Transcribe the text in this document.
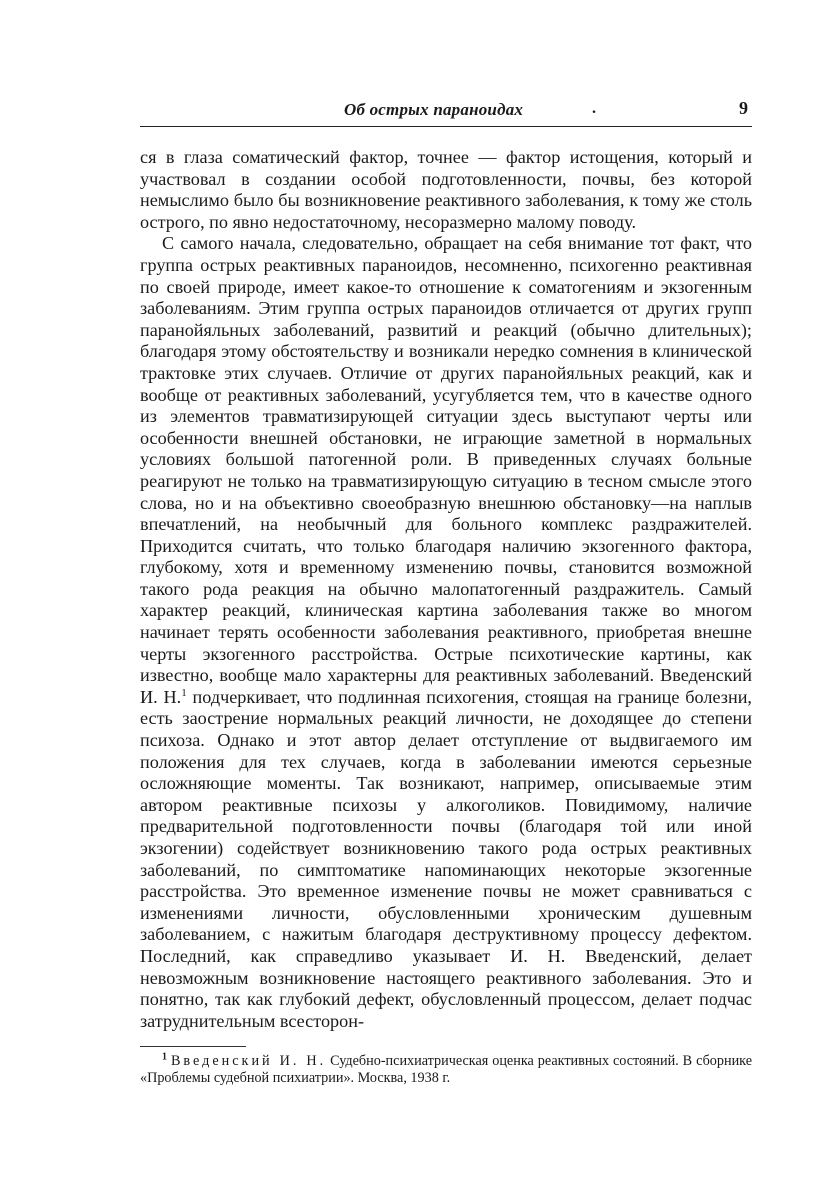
Об острых параноидах	.	9

ся в глаза соматический фактор, точнее — фактор истощения, который и участвовал в создании особой подготовленности, почвы, без которой немыслимо было бы возникновение реактивного заболевания, к тому же столь острого, по явно недостаточному, несоразмерно малому поводу.

С самого начала, следовательно, обращает на себя внимание тот факт, что группа острых реактивных параноидов, несомненно, психогенно реактивная по своей природе, имеет какое-то отношение к соматогениям и экзогенным заболеваниям. Этим группа острых параноидов отличается от других групп паранойяльных заболеваний, развитий и реакций (обычно длительных); благодаря этому обстоятельству и возникали нередко сомнения в клинической трактовке этих случаев. Отличие от других паранойяльных реакций, как и вообще от реактивных заболеваний, усугубляется тем, что в качестве одного из элементов травматизирующей ситуации здесь выступают черты или особенности внешней обстановки, не играющие заметной в нормальных условиях большой патогенной роли. В приведенных случаях больные реагируют не только на травматизирующую ситуацию в тесном смысле этого слова, но и на объективно своеобразную внешнюю обстановку—на наплыв впечатлений, на необычный для больного комплекс раздражителей. Приходится считать, что только благодаря наличию экзогенного фактора, глубокому, хотя и временному изменению почвы, становится возможной такого рода реакция на обычно малопатогенный раздражитель. Самый характер реакций, клиническая картина заболевания также во многом начинает терять особенности заболевания реактивного, приобретая внешне черты экзогенного расстройства. Острые психотические картины, как известно, вообще мало характерны для реактивных заболеваний. Введенский И. Н.$^1$ подчеркивает, что подлинная психогения, стоящая на границе болезни, есть заострение нормальных реакций личности, не доходящее до степени психоза. Однако и этот автор делает отступление от выдвигаемого им положения для тех случаев, когда в заболевании имеются серьезные осложняющие моменты. Так возникают, например, описываемые этим автором реактивные психозы у алкоголиков. Повидимому, наличие предварительной подготовленности почвы (благодаря той или иной экзогении) содействует возникновению такого рода острых реактивных заболеваний, по симптоматике напоминающих некоторые экзогенные расстройства. Это временное изменение почвы не может сравниваться с изменениями личности, обусловленными хроническим душевным заболеванием, с нажитым благодаря деструктивному процессу дефектом. Последний, как справедливо указывает И. Н. Введенский, делает невозможным возникновение настоящего реактивного заболевания. Это и понятно, так как глубокий дефект, обусловленный процессом, делает подчас затруднительным всесторон-

$^1$ Введенский И. Н. Судебно-психиатрическая оценка реактивных состояний. В сборнике «Проблемы судебной психиатрии». Москва, 1938 г.
